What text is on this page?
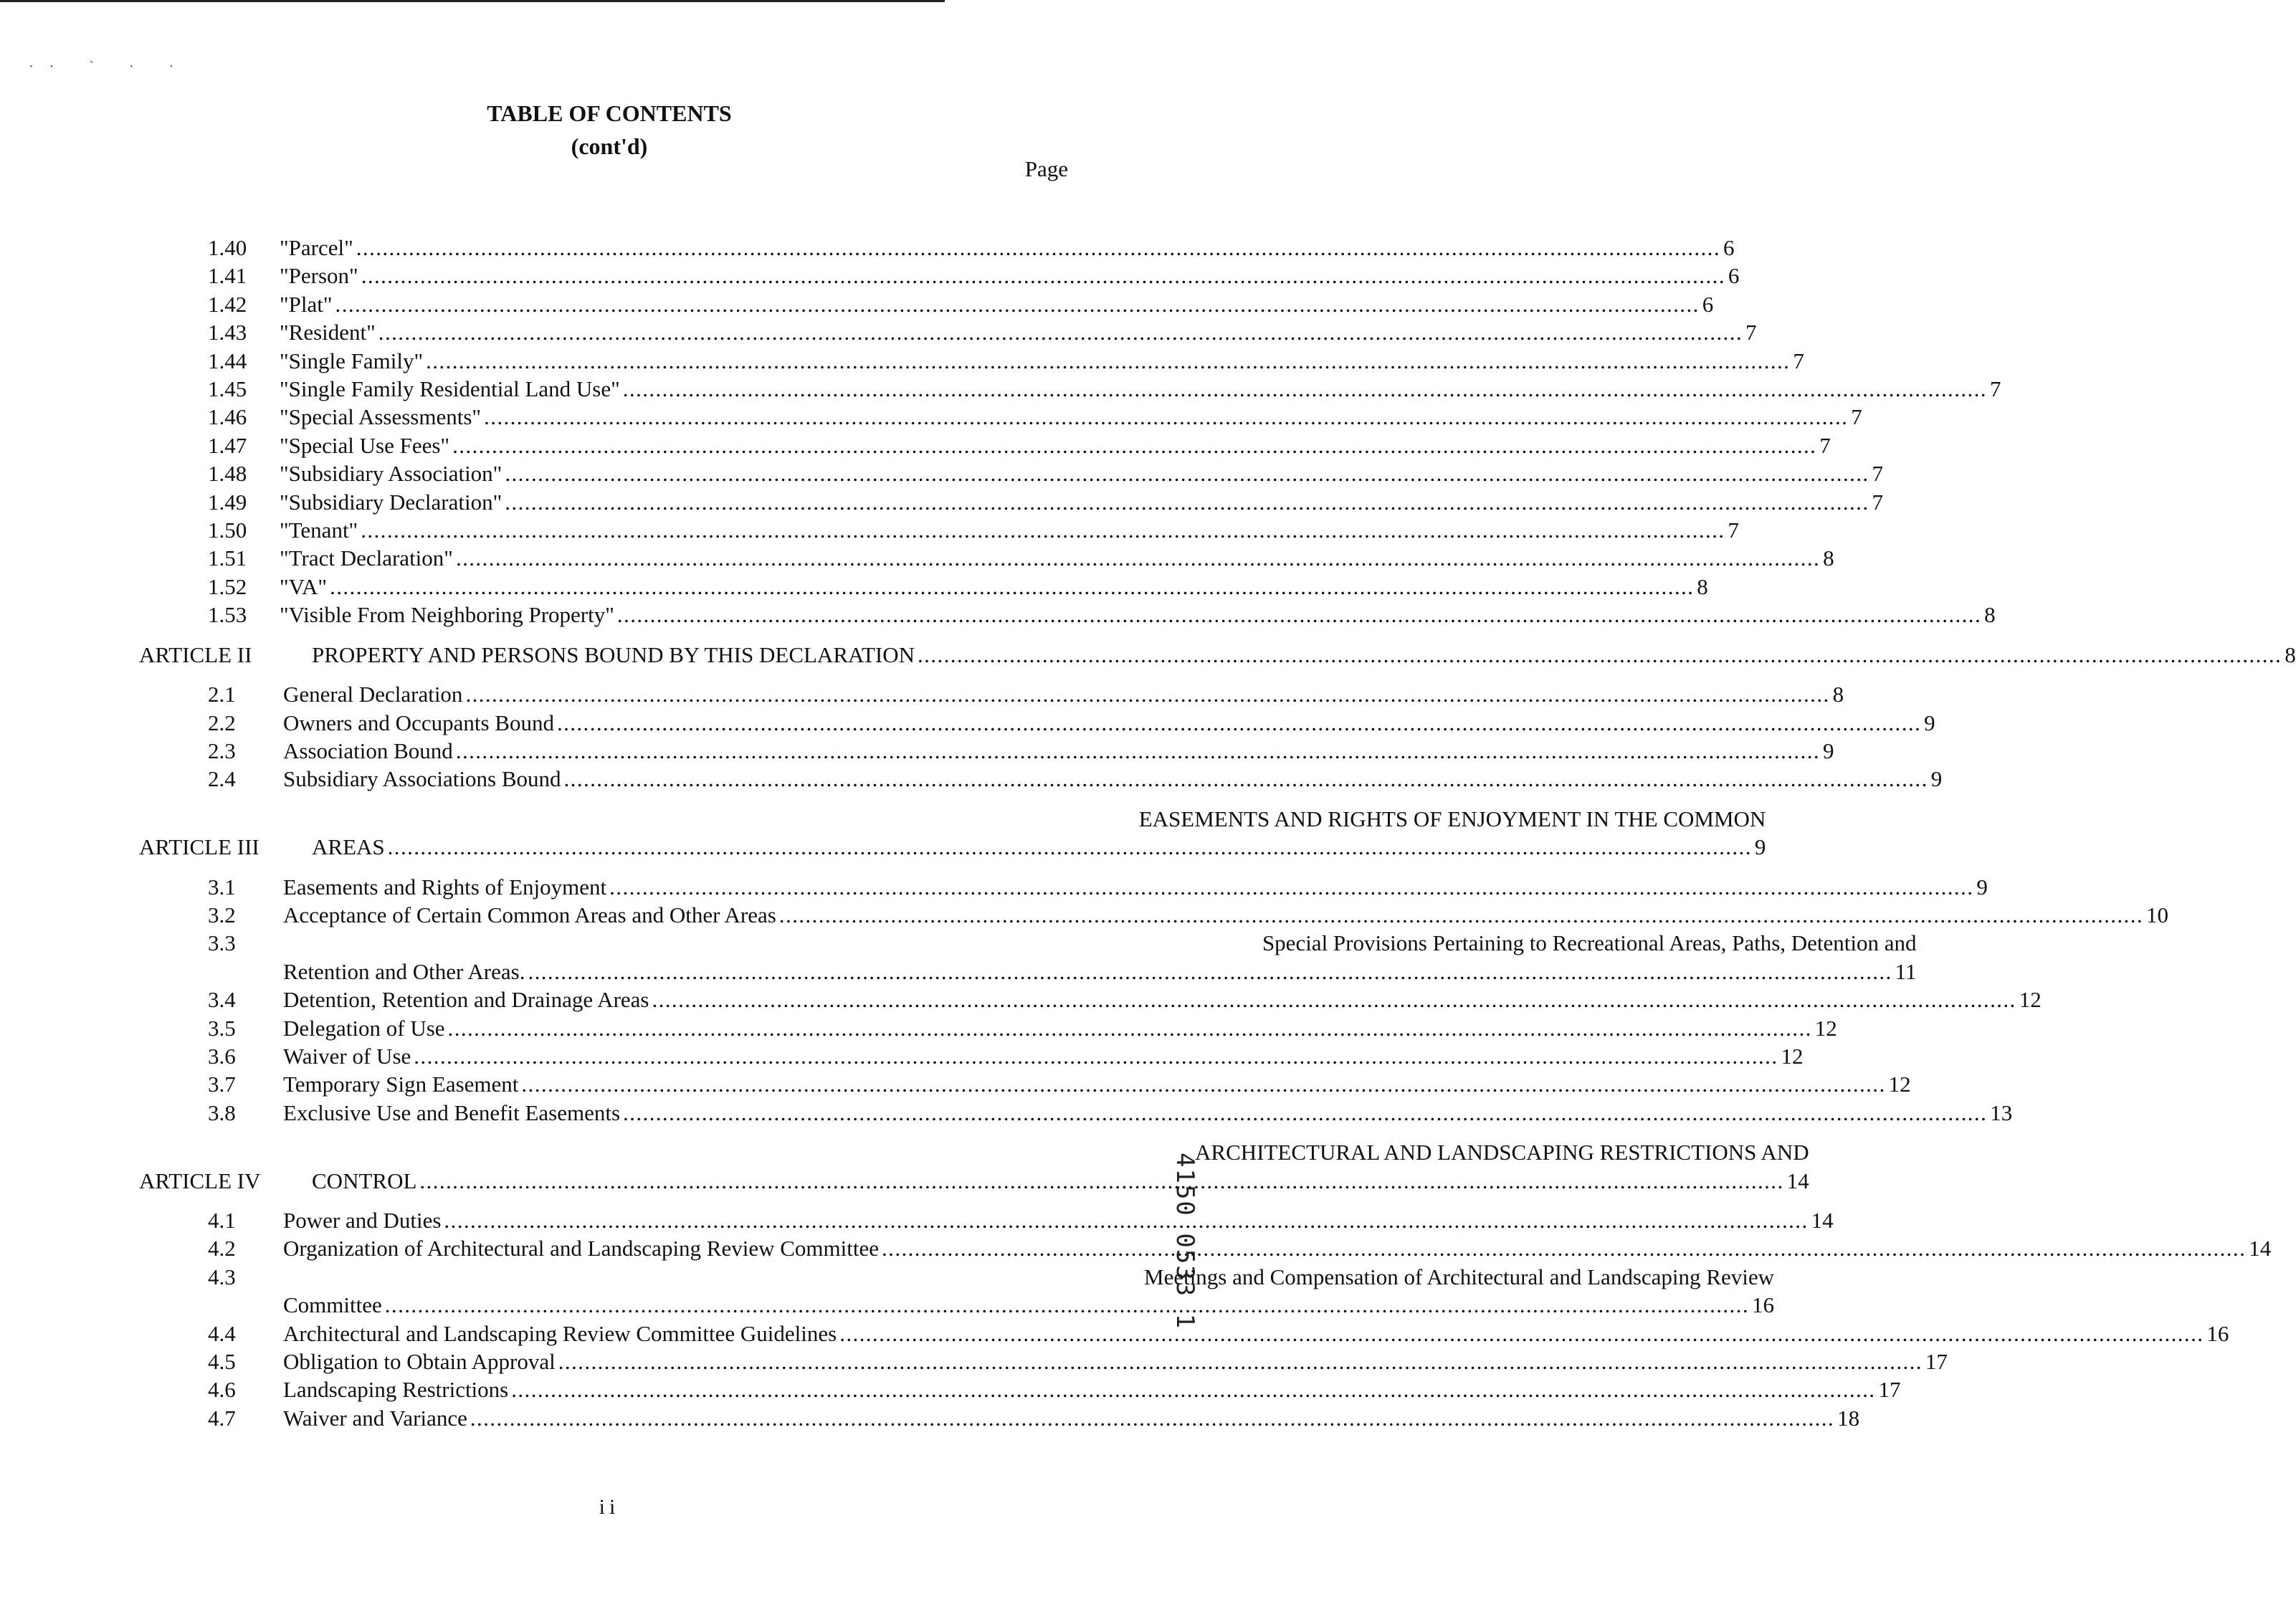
·· ˋ · ·
TABLE OF CONTENTS
(cont'd)
Page
1.40	"Parcel" .....	6
1.41	"Person" .....	6
1.42	"Plat" .....	6
1.43	"Resident" .....	7
1.44	"Single Family" .....	7
1.45	"Single Family Residential Land Use" .....	7
1.46	"Special Assessments" .....	7
1.47	"Special Use Fees" .....	7
1.48	"Subsidiary Association" .....	7
1.49	"Subsidiary Declaration" .....	7
1.50	"Tenant" .....	7
1.51	"Tract Declaration" .....	8
1.52	"VA" .....	8
1.53	"Visible From Neighboring Property" .....	8
ARTICLE II	PROPERTY AND PERSONS BOUND BY THIS DECLARATION .....	8
2.1	General Declaration .....	8
2.2	Owners and Occupants Bound .....	9
2.3	Association Bound .....	9
2.4	Subsidiary Associations Bound .....	9
ARTICLE III
EASEMENTS AND RIGHTS OF ENJOYMENT IN THE COMMON
AREAS .....	9
3.1	Easements and Rights of Enjoyment .....	9
3.2	Acceptance of Certain Common Areas and Other Areas .....	10
3.3	Special Provisions Pertaining to Recreational Areas, Paths, Detention and
Retention and Other Areas. .....	11
3.4	Detention, Retention and Drainage Areas .....	12
3.5	Delegation of Use .....	12
3.6	Waiver of Use .....	12
3.7	Temporary Sign Easement .....	12
3.8	Exclusive Use and Benefit Easements .....	13
ARTICLE IV
ARCHITECTURAL AND LANDSCAPING RESTRICTIONS AND
CONTROL .....	14
4.1	Power and Duties .....	14
4.2	Organization of Architectural and Landscaping Review Committee .....	14
4.3	Meetings and Compensation of Architectural and Landscaping Review
Committee .....	16
4.4	Architectural and Landscaping Review Committee Guidelines .....	16
4.5	Obligation to Obtain Approval .....	17
4.6	Landscaping Restrictions .....	17
4.7	Waiver and Variance .....	18
ii
4150 0533 1
